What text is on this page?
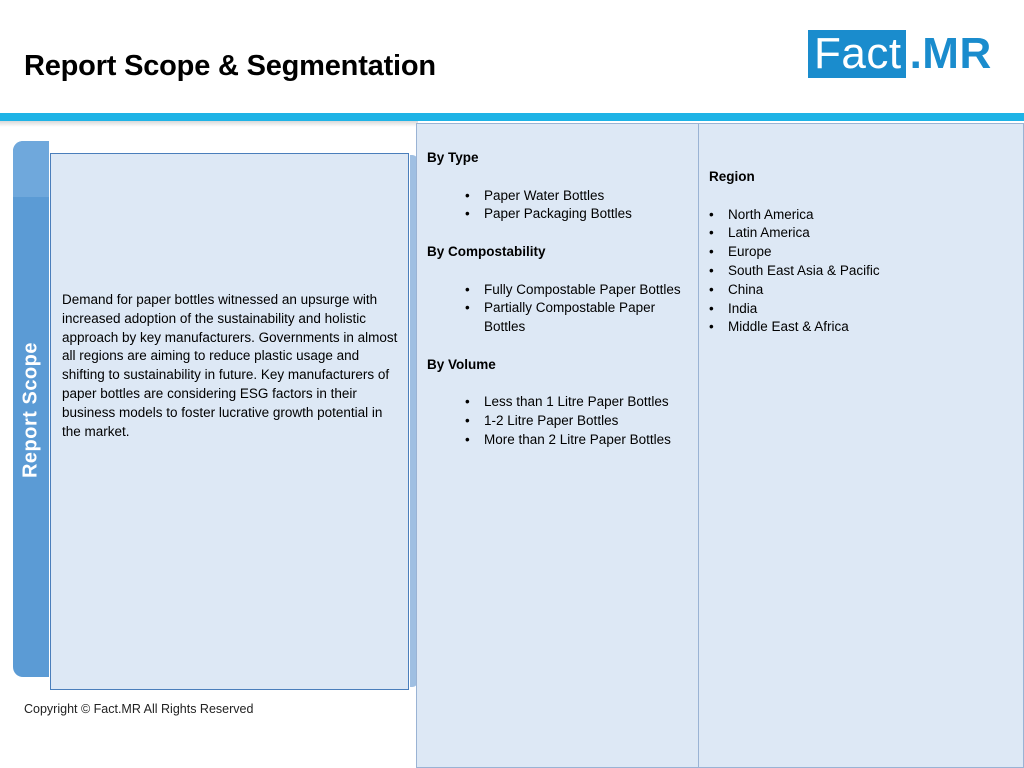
Report Scope & Segmentation	Fact .MR
Report Scope
Demand for paper bottles witnessed an upsurge with increased adoption of the sustainability and holistic approach by key manufacturers. Governments in almost all regions are aiming to reduce plastic usage and shifting to sustainability in future. Key manufacturers of paper bottles are considering ESG factors in their business models to foster lucrative growth potential in the market.
By Type
• Paper Water Bottles
• Paper Packaging Bottles
By Compostability
• Fully Compostable Paper Bottles
• Partially Compostable Paper Bottles
By Volume
• Less than 1 Litre Paper Bottles
• 1-2 Litre Paper Bottles
• More than 2 Litre Paper Bottles
Region
• North America
• Latin America
• Europe
• South East Asia & Pacific
• China
• India
• Middle East & Africa
Copyright © Fact.MR All Rights Reserved
